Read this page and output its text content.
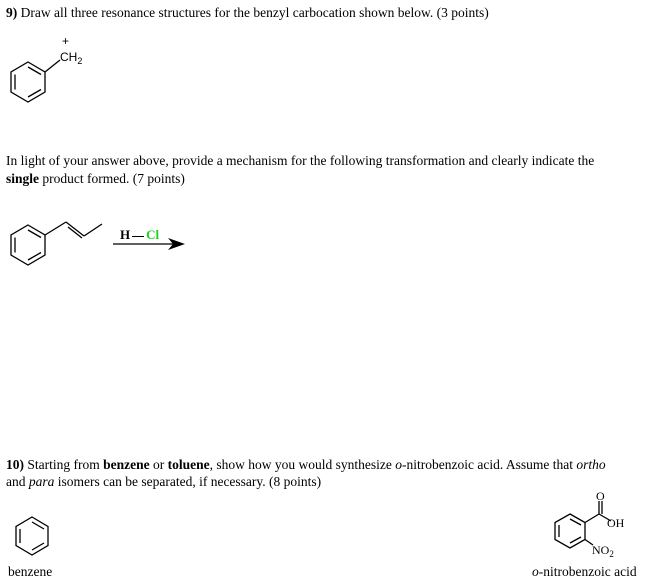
9) Draw all three resonance structures for the benzyl carbocation shown below. (3 points)
+
$CH_2$
In light of your answer above, provide a mechanism for the following transformation and clearly indicate the
single product formed. (7 points)
H Cl
10) Starting from benzene or toluene, show how you would synthesize o-nitrobenzoic acid. Assume that ortho
and para isomers can be separated, if necessary. (8 points)
benzene
O
OH
$NO_2$
o-nitrobenzoic acid
